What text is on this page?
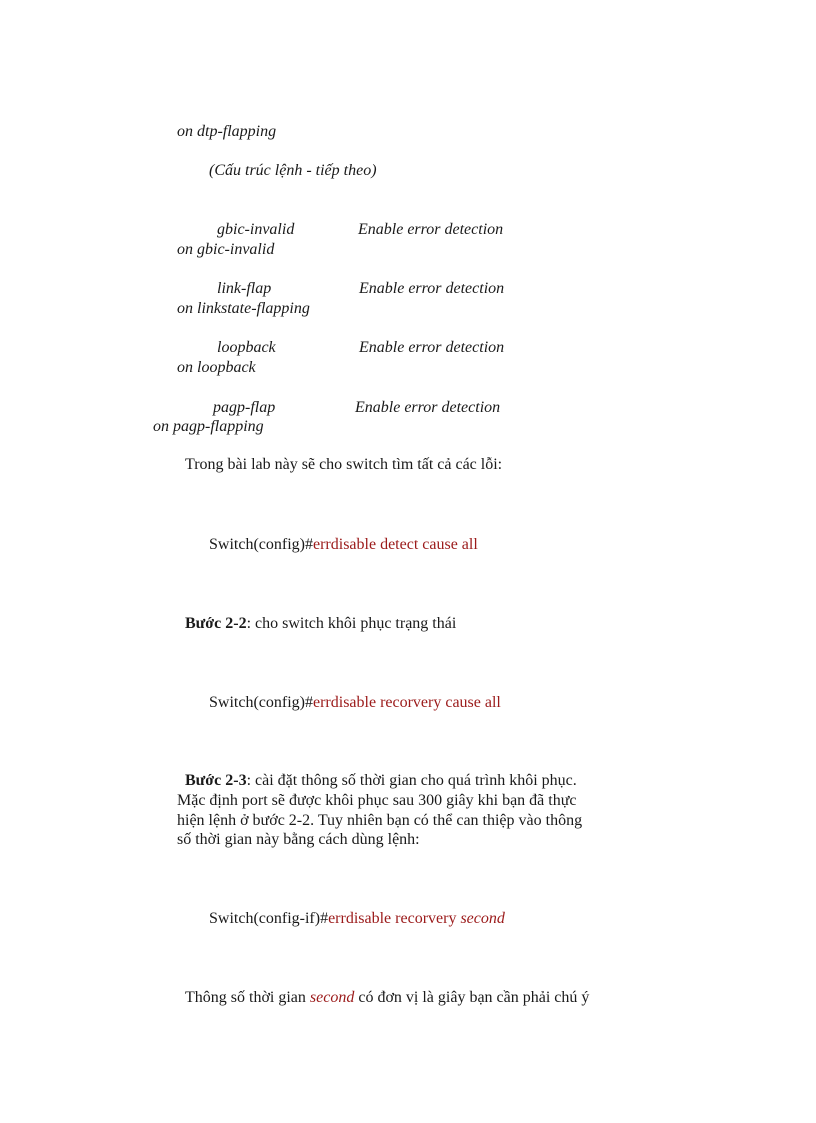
on dtp-flapping
(Cấu trúc lệnh - tiếp theo)
gbic-invalid	Enable error detection
on gbic-invalid
link-flap	Enable error detection
on linkstate-flapping
loopback	Enable error detection
on loopback
pagp-flap	Enable error detection
on pagp-flapping
Trong bài lab này sẽ cho switch tìm tất cả các lỗi:
Switch(config)#errdisable detect cause all
Bước 2-2: cho switch khôi phục trạng thái
Switch(config)#errdisable recorvery cause all
Bước 2-3: cài đặt thông số thời gian cho quá trình khôi phục.
Mặc định port sẽ được khôi phục sau 300 giây khi bạn đã thực
hiện lệnh ở bước 2-2. Tuy nhiên bạn có thể can thiệp vào thông
số thời gian này bằng cách dùng lệnh:
Switch(config-if)#errdisable recorvery second
Thông số thời gian second có đơn vị là giây bạn cần phải chú ý
